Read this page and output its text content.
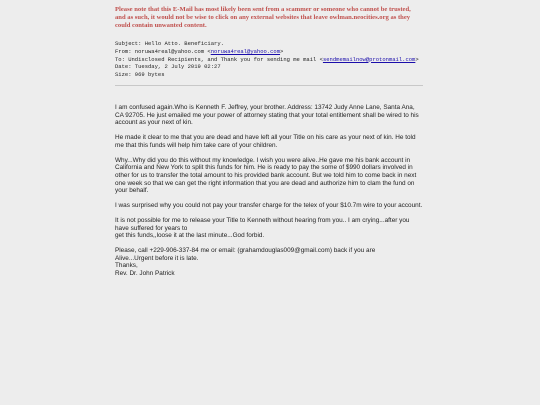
Please note that this E-Mail has most likely been sent from a scammer or someone who cannot be trusted, and as such, it would not be wise to click on any external websites that leave owlman.neocities.org as they could contain unwanted content.

Subject: Hello Atto. Beneficiary.
From: noruwa4real@yahoo.com <noruwa4real@yahoo.com>
To: Undisclosed Recipients, and Thank you for sending me mail <sendmemailnow@protonmail.com>
Date: Tuesday, 2 July 2019 02:27
Size: 969 bytes

I am confused again.Who is Kenneth F. Jeffrey, your brother. Address: 13742 Judy Anne Lane, Santa Ana, CA 92705. He just emailed me your power of attorney stating that your total entitlement shall be wired to his account as your next of kin.

He made it clear to me that you are dead and have left all your Title on his care as your next of kin. He told me that this funds will help him take care of your children.

Why...Why did you do this without my knowledge. I wish you were alive..He gave me his bank account in California and New York to split this funds for him. He is ready to pay the some of $990 dollars involved in other for us to transfer the total amount to his provided bank account. But we told him to come back in next one week so that we can get the right information that you are dead and authorize him to clam the fund on your behalf.

I was surprised why you could not pay your transfer charge for the telex of your $10.7m wire to your account.

It is not possible for me to release your Title to Kenneth without hearing from you.. I am crying...after you have suffered for years to
get this funds,,loose it at the last minute...God forbid.

Please, call +229-906-337-84 me or email: (grahamdouglas009@gmail.com) back if you are
Alive...Urgent before it is late.
Thanks,
Rev. Dr. John Patrick
